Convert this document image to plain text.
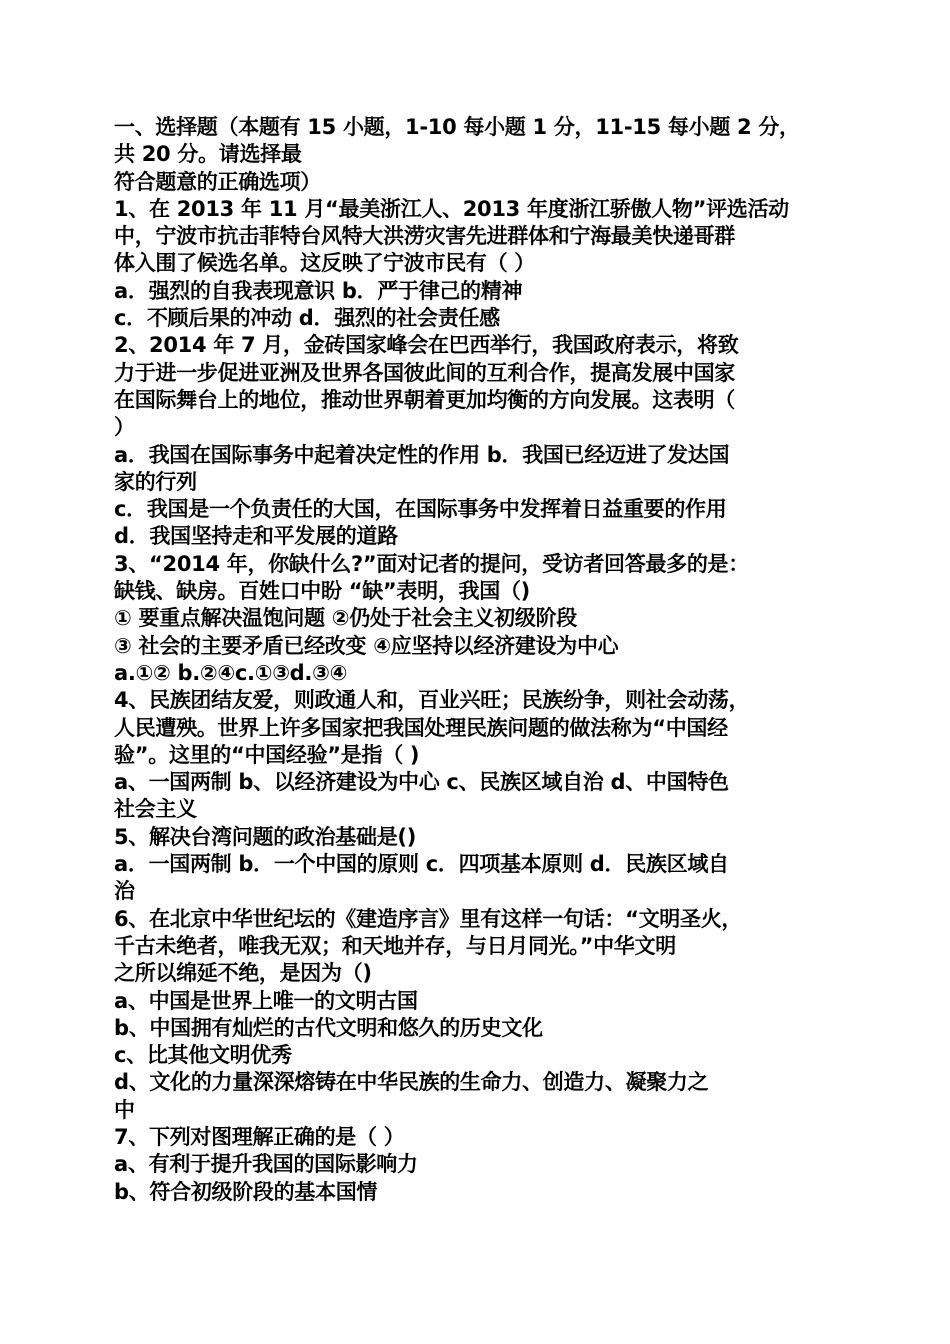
一、选择题（本题有 15 小题，1-10 每小题 1 分，11-15 每小题 2 分，
共 20 分。请选择最
符合题意的正确选项）
1、在 2013 年 11 月“最美浙江人、2013 年度浙江骄傲人物”评选活动
中，宁波市抗击菲特台风特大洪涝灾害先进群体和宁海最美快递哥群
体入围了候选名单。这反映了宁波市民有（ ）
a．强烈的自我表现意识 b．严于律己的精神
c．不顾后果的冲动 d．强烈的社会责任感
2、2014 年 7 月，金砖国家峰会在巴西举行，我国政府表示，将致
力于进一步促进亚洲及世界各国彼此间的互利合作，提高发展中国家
在国际舞台上的地位，推动世界朝着更加均衡的方向发展。这表明（
）
a．我国在国际事务中起着决定性的作用 b．我国已经迈进了发达国
家的行列
c．我国是一个负责任的大国，在国际事务中发挥着日益重要的作用
d．我国坚持走和平发展的道路
3、“2014 年，你缺什么?”面对记者的提问，受访者回答最多的是：
缺钱、缺房。百姓口中盼 “缺”表明，我国（)
① 要重点解决温饱问题 ②仍处于社会主义初级阶段
③ 社会的主要矛盾已经改变 ④应坚持以经济建设为中心
a.①② b.②④c.①③d.③④
4、民族团结友爱，则政通人和，百业兴旺；民族纷争，则社会动荡，
人民遭殃。世界上许多国家把我国处理民族问题的做法称为“中国经
验”。这里的“中国经验”是指（ )
a、一国两制 b、以经济建设为中心 c、民族区域自治 d、中国特色
社会主义
5、解决台湾问题的政治基础是()
a．一国两制 b．一个中国的原则 c．四项基本原则 d．民族区域自
治
6、在北京中华世纪坛的《建造序言》里有这样一句话：“文明圣火，
千古未绝者，唯我无双；和天地并存，与日月同光。”中华文明
之所以绵延不绝，是因为（)
a、中国是世界上唯一的文明古国
b、中国拥有灿烂的古代文明和悠久的历史文化
c、比其他文明优秀
d、文化的力量深深熔铸在中华民族的生命力、创造力、凝聚力之
中
7、下列对图理解正确的是（ ）
a、有利于提升我国的国际影响力
b、符合初级阶段的基本国情
